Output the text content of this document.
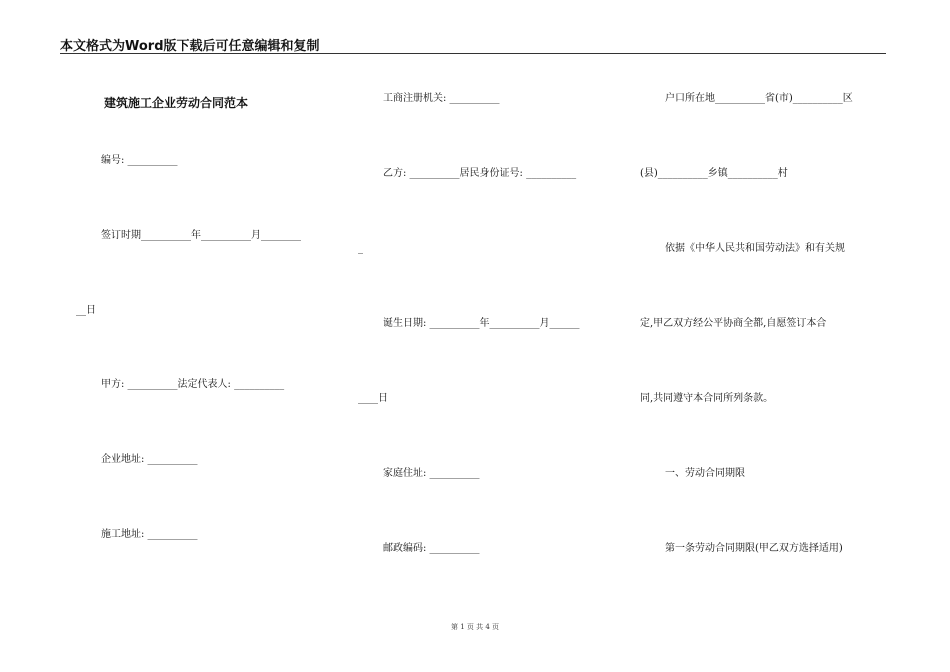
本文格式为Word版下载后可任意编辑和复制
建筑施工企业劳动合同范本
编号: __________
签订时期__________年__________月________
__日
甲方: __________法定代表人: __________
企业地址: __________
施工地址: __________
工商注册机关: __________
乙方: __________居民身份证号: __________
_
诞生日期: __________年__________月______
____日
家庭住址: __________
邮政编码: __________
户口所在地__________省(市)__________区
(县)__________乡镇__________村
依据《中华人民共和国劳动法》和有关规
定,甲乙双方经公平协商全都,自愿签订本合
同,共同遵守本合同所列条款。
一、劳动合同期限
第一条劳动合同期限(甲乙双方选择适用)
第 1 页 共 4 页
